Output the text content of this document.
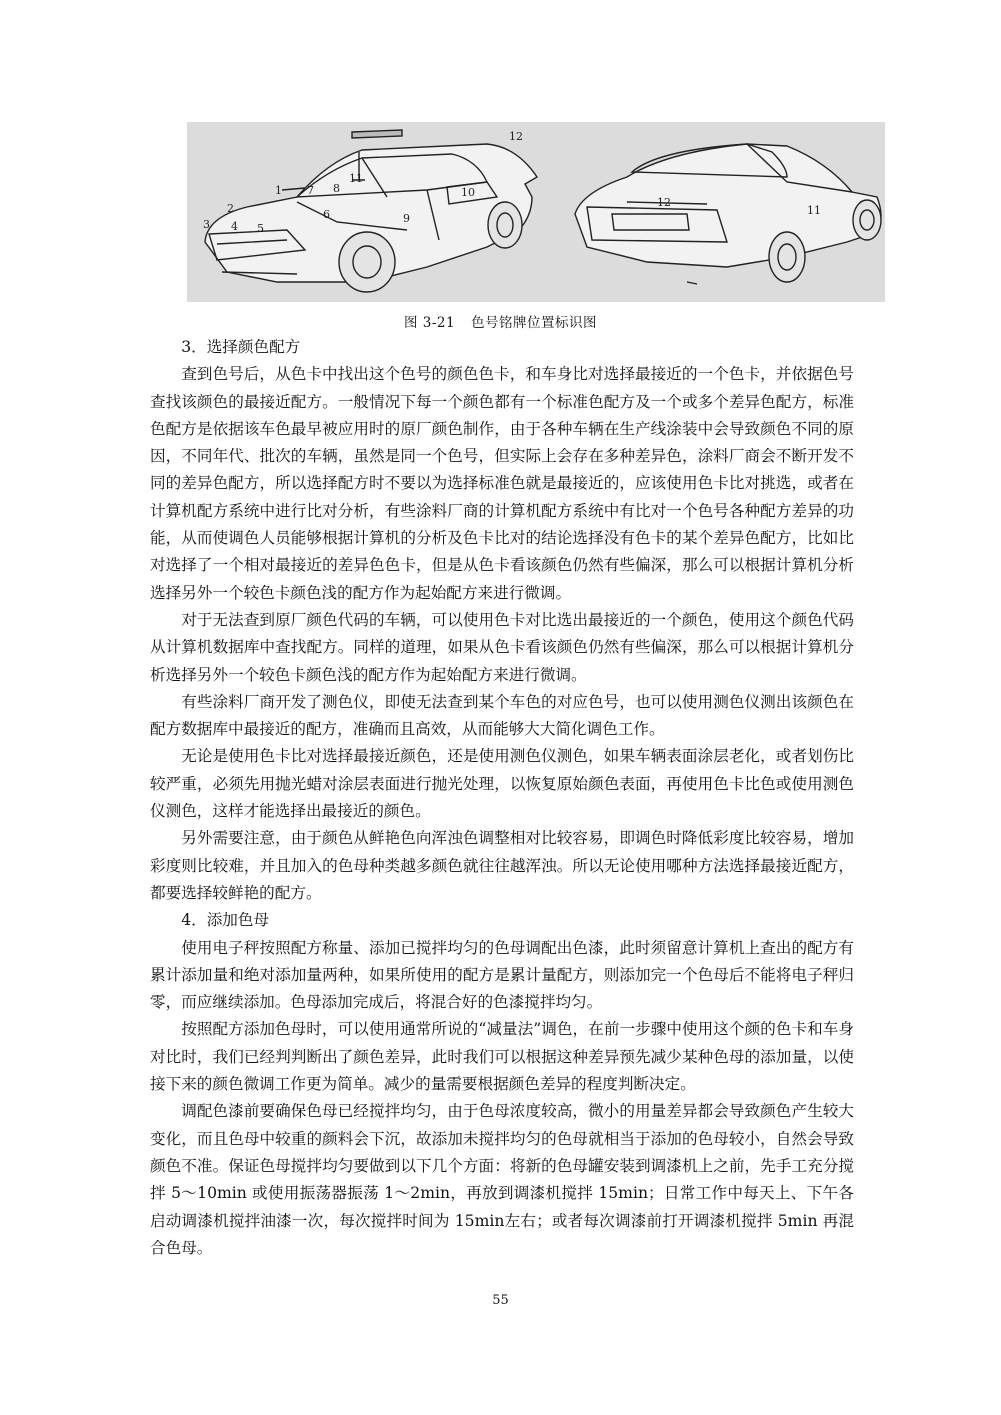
1
2
3 4 5
6
7 8
9
10
11
12
11
12
图 3-21 色号铭牌位置标识图

3．选择颜色配方

查到色号后，从色卡中找出这个色号的颜色色卡，和车身比对选择最接近的一个色卡，并依据色号查找该颜色的最接近配方。一般情况下每一个颜色都有一个标准色配方及一个或多个差异色配方，标准色配方是依据该车色最早被应用时的原厂颜色制作，由于各种车辆在生产线涂装中会导致颜色不同的原因，不同年代、批次的车辆，虽然是同一个色号，但实际上会存在多种差异色，涂料厂商会不断开发不同的差异色配方，所以选择配方时不要以为选择标准色就是最接近的，应该使用色卡比对挑选，或者在计算机配方系统中进行比对分析，有些涂料厂商的计算机配方系统中有比对一个色号各种配方差异的功能，从而使调色人员能够根据计算机的分析及色卡比对的结论选择没有色卡的某个差异色配方，比如比对选择了一个相对最接近的差异色色卡，但是从色卡看该颜色仍然有些偏深，那么可以根据计算机分析选择另外一个较色卡颜色浅的配方作为起始配方来进行微调。

对于无法查到原厂颜色代码的车辆，可以使用色卡对比选出最接近的一个颜色，使用这个颜色代码从计算机数据库中查找配方。同样的道理，如果从色卡看该颜色仍然有些偏深，那么可以根据计算机分析选择另外一个较色卡颜色浅的配方作为起始配方来进行微调。

有些涂料厂商开发了测色仪，即使无法查到某个车色的对应色号，也可以使用测色仪测出该颜色在配方数据库中最接近的配方，准确而且高效，从而能够大大简化调色工作。

无论是使用色卡比对选择最接近颜色，还是使用测色仪测色，如果车辆表面涂层老化，或者划伤比较严重，必须先用抛光蜡对涂层表面进行抛光处理，以恢复原始颜色表面，再使用色卡比色或使用测色仪测色，这样才能选择出最接近的颜色。

另外需要注意，由于颜色从鲜艳色向浑浊色调整相对比较容易，即调色时降低彩度比较容易，增加彩度则比较难，并且加入的色母种类越多颜色就往往越浑浊。所以无论使用哪种方法选择最接近配方，都要选择较鲜艳的配方。

4．添加色母

使用电子秤按照配方称量、添加已搅拌均匀的色母调配出色漆，此时须留意计算机上查出的配方有累计添加量和绝对添加量两种，如果所使用的配方是累计量配方，则添加完一个色母后不能将电子秤归零，而应继续添加。色母添加完成后，将混合好的色漆搅拌均匀。

按照配方添加色母时，可以使用通常所说的“减量法”调色，在前一步骤中使用这个颜的色卡和车身对比时，我们已经判判断出了颜色差异，此时我们可以根据这种差异预先减少某种色母的添加量，以使接下来的颜色微调工作更为简单。减少的量需要根据颜色差异的程度判断决定。

调配色漆前要确保色母已经搅拌均匀，由于色母浓度较高，微小的用量差异都会导致颜色产生较大变化，而且色母中较重的颜料会下沉，故添加未搅拌均匀的色母就相当于添加的色母较小，自然会导致颜色不准。保证色母搅拌均匀要做到以下几个方面：将新的色母罐安装到调漆机上之前，先手工充分搅拌 5～10min 或使用振荡器振荡 1～2min，再放到调漆机搅拌 15min；日常工作中每天上、下午各启动调漆机搅拌油漆一次，每次搅拌时间为 15min左右；或者每次调漆前打开调漆机搅拌 5min 再混合色母。

55
